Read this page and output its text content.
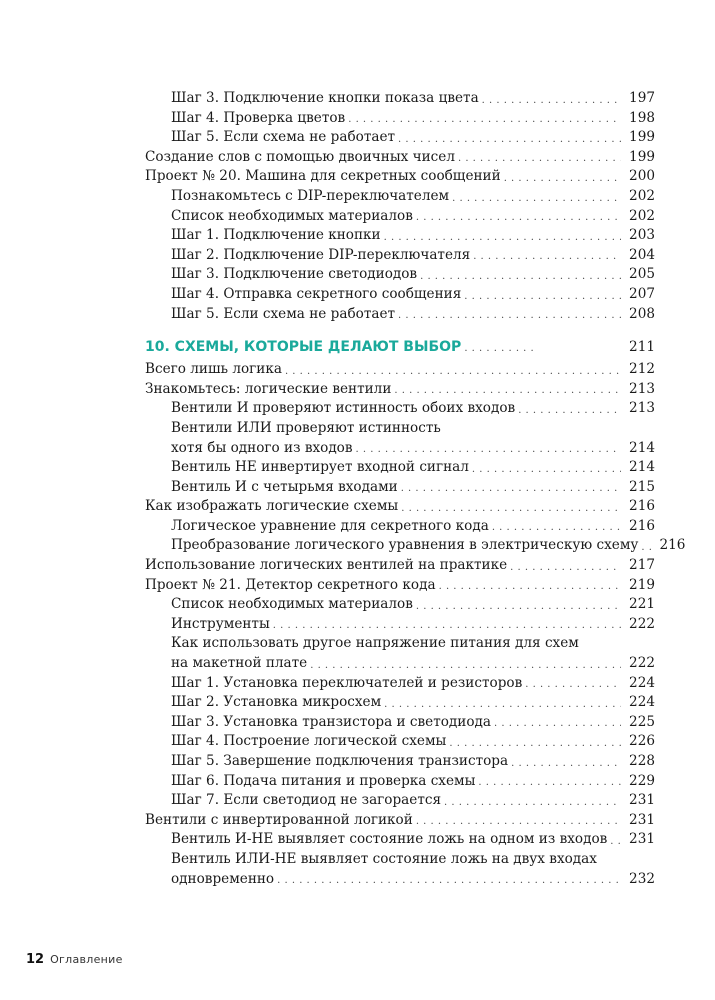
Шаг 3. Подключение кнопки показа цвета . . .	197
Шаг 4. Проверка цветов . . .	198
Шаг 5. Если схема не работает . . .	199
Создание слов с помощью двоичных чисел . . .	199
Проект № 20. Машина для секретных сообщений . . .	200
Познакомьтесь с DIP-переключателем . . .	202
Список необходимых материалов . . .	202
Шаг 1. Подключение кнопки . . .	203
Шаг 2. Подключение DIP-переключателя . . .	204
Шаг 3. Подключение светодиодов . . .	205
Шаг 4. Отправка секретного сообщения . . .	207
Шаг 5. Если схема не работает . . .	208
10. СХЕМЫ, КОТОРЫЕ ДЕЛАЮТ ВЫБОР . . .	211
Всего лишь логика . . .	212
Знакомьтесь: логические вентили . . .	213
Вентили И проверяют истинность обоих входов . . .	213
Вентили ИЛИ проверяют истинность
хотя бы одного из входов . . .	214
Вентиль НЕ инвертирует входной сигнал . . .	214
Вентиль И с четырьмя входами . . .	215
Как изображать логические схемы . . .	216
Логическое уравнение для секретного кода . . .	216
Преобразование логического уравнения в электрическую схему . . .	216
Использование логических вентилей на практике . . .	217
Проект № 21. Детектор секретного кода . . .	219
Список необходимых материалов . . .	221
Инструменты . . .	222
Как использовать другое напряжение питания для схем
на макетной плате . . .	222
Шаг 1. Установка переключателей и резисторов . . .	224
Шаг 2. Установка микросхем . . .	224
Шаг 3. Установка транзистора и светодиода . . .	225
Шаг 4. Построение логической схемы . . .	226
Шаг 5. Завершение подключения транзистора . . .	228
Шаг 6. Подача питания и проверка схемы . . .	229
Шаг 7. Если светодиод не загорается . . .	231
Вентили с инвертированной логикой . . .	231
Вентиль И-НЕ выявляет состояние ложь на одном из входов . . .	231
Вентиль ИЛИ-НЕ выявляет состояние ложь на двух входах
одновременно . . .	232
12 Оглавление
